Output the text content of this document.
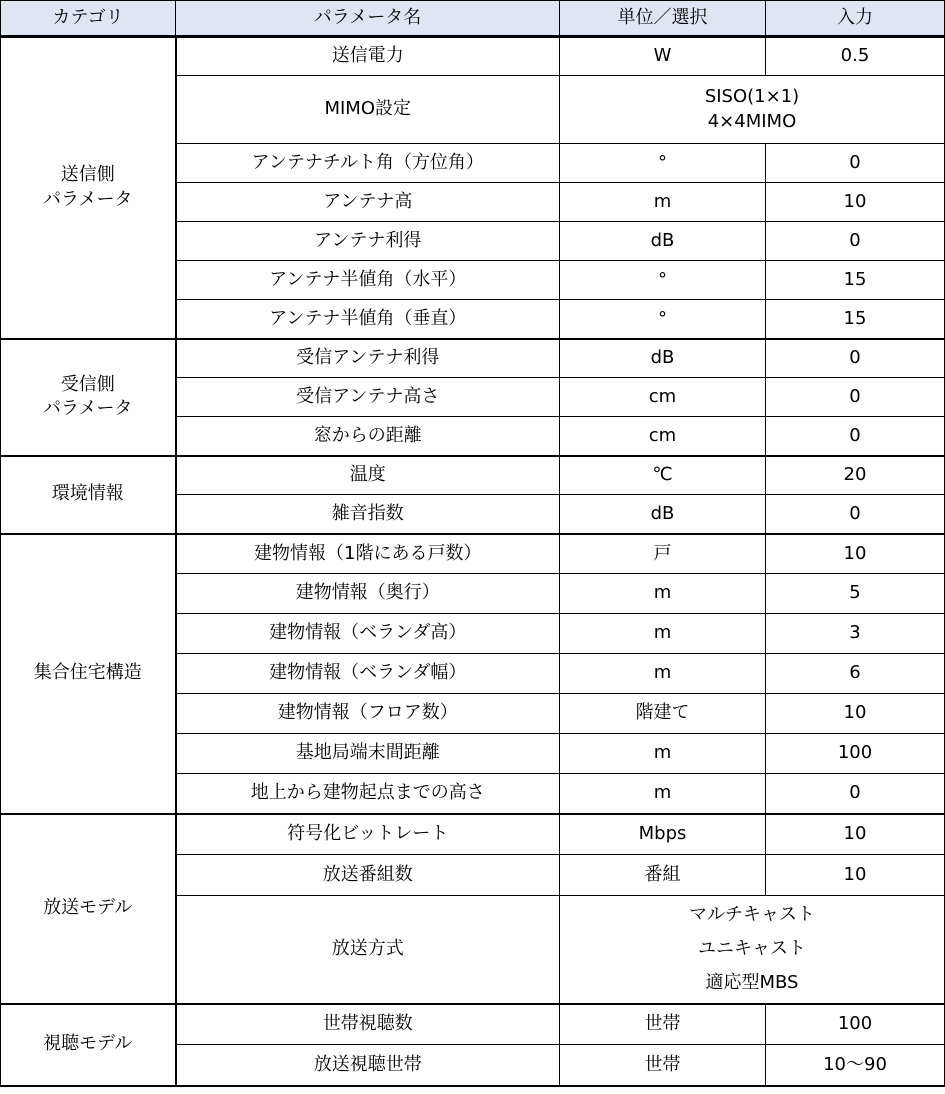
カテゴリ	パラメータ名	単位／選択	入力

送信側
パラメータ	送信電力	W	0.5
	MIMO設定	SISO(1×1)
4×4MIMO	

	アンテナチルト角（方位角）	°	0
	アンテナ高	m	10
	アンテナ利得	dB	0
	アンテナ半値角（水平）	°	15
	アンテナ半値角（垂直）	°	15

受信側
パラメータ	受信アンテナ利得	dB	0
	受信アンテナ高さ	cm	0
	窓からの距離	cm	0
環境情報	温度	℃	20
	雑音指数	dB	0
集合住宅構造	建物情報（1階にある戸数）	戸	10
	建物情報（奥行）	m	5
	建物情報（ベランダ高）	m	3
	建物情報（ベランダ幅）	m	6
	建物情報（フロア数）	階建て	10
	基地局端末間距離	m	100
	地上から建物起点までの高さ	m	0
放送モデル	符号化ビットレート	Mbps	10
	放送番組数	番組	10
	放送方式	マルチキャスト
ユニキャスト
適応型MBS	

視聴モデル	世帯視聴数	世帯	100
	放送視聴世帯	世帯	10〜90
